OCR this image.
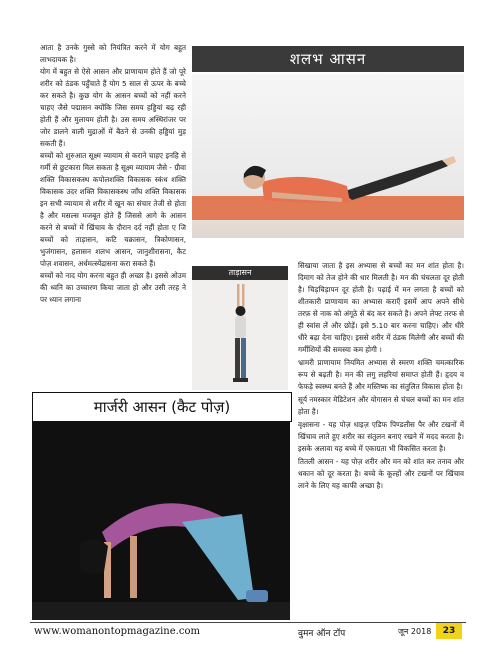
आता है उनके गुस्से को नियंत्रित करने में योग बहुत लाभदायक है।

योग में बहुत से ऐसे आसन और प्राणायाम होते हैं जो पूरे शरीर को ठंडक पहुँचाते हैं योग 5 साल से ऊपर के बच्चे कर सकते है। कुछ योग के आसन बच्चों को नहीं करने चाहए जैसे पद्मासन क्योंकि जिस समय हड्डियां बढ़ रही होती हैं और मुलायम होती है। उस समय अस्थिरांजर पर जोर डालने वाली मुद्राओं में बैठने से उनकी हड्डियां मुड़ सकती हैं।

बच्चों को शुरुआत सूक्ष्म व्यायाम से कराने चाहए इनहि से गर्मी से छुटकारा मिल सकता है सूक्ष्म व्यायाम जैसे - ग्रीवा शक्ति विकासकस्थ कपोलशक्ति विकासक स्कंध शक्ति विकासक उदर शक्ति विकासकस्थ जाँघ शक्ति विकासक इन सभी व्यायाम से शरीर में खून का संचार तेजी से होता है और मसल्स मजबूत होते हैं जिससे आगे के आसन करने से बच्चों में खिंचाव के दौरान दर्द नहीं होता ए जि बच्चों को ताड़ासन, कटि चक्रासन, त्रिकोणासन, भुजंगासन, हलासन शलभ आसन, जानुशीरासना, कैट पोज़ शवासन, अर्धमत्स्येंद्रासना करा सकते हैं।

बच्चों को नाद योग करना बहुत ही अच्छा है। इससे ओउम की ध्वनि का उच्चारण किया जाता हो और उसी तरह ने पर ध्यान लगाना

शलभ आसन
ताड़ासन

सिखाया जाता है इस अभ्यास से बच्चों का मन शांत होता है। दिमाग को तेज होने की धार मिलती है। मन की चंचलता दूर होती है। चिड़चिड़ापन दूर होती है। पढ़ाई में मन लगता है बच्चों को शीतकारी प्राणायाम का अभ्यास कराएँ इसमें आप अपने सीधे तरफ़ से नाक को अंगूठे से बंद कर सकते है। अपने लेफ्ट तरफ से ही स्वांस लें और छोड़ें। इसे 5.10 बार करना चाहिए। और धीरे धीरे बढ़ा देना चाहिए। इससे शरीर में ठंडक मिलेगी और बच्चों की गर्मीशियों की समस्या कम होगी ।

भ्रामरी प्राणायाम नियमित अभ्यास से स्मरण शक्ति चमत्कारिक रूप से बढ़ती है। मन की लगु लहरियां समाप्त होती हैं। हृदय व फेफड़े स्वस्थ्य बनते हैं और मस्तिष्क का संतुलित विकास होता है।

सूर्य नमस्कार मेडिटेशन और योगासन से चंचल बच्चों का मन शांत होता है।

वृक्षासना - यह पोज़ धाइज़ एडिफ पिण्डलीस पैर और टखनों में खिंचाव लाते हुए शरीर का संतुलन बनाए रखने में मदद करता है। इसके अलावा यह बच्चे में एकाग्रता भी विकसित करता है।

तितली आसन - यह पोज़ शरीर और मन को शांत कर तनाव और थकान को दूर करता है। बच्चे के कूल्हों और टखनों पर खिंचाव लाने के लिए यह काफी अच्छा है।

मार्जरी आसन (कैट पोज़)
www.womanontopmagazine.com	वुमन ऑन टॉप	जून 2018	23
